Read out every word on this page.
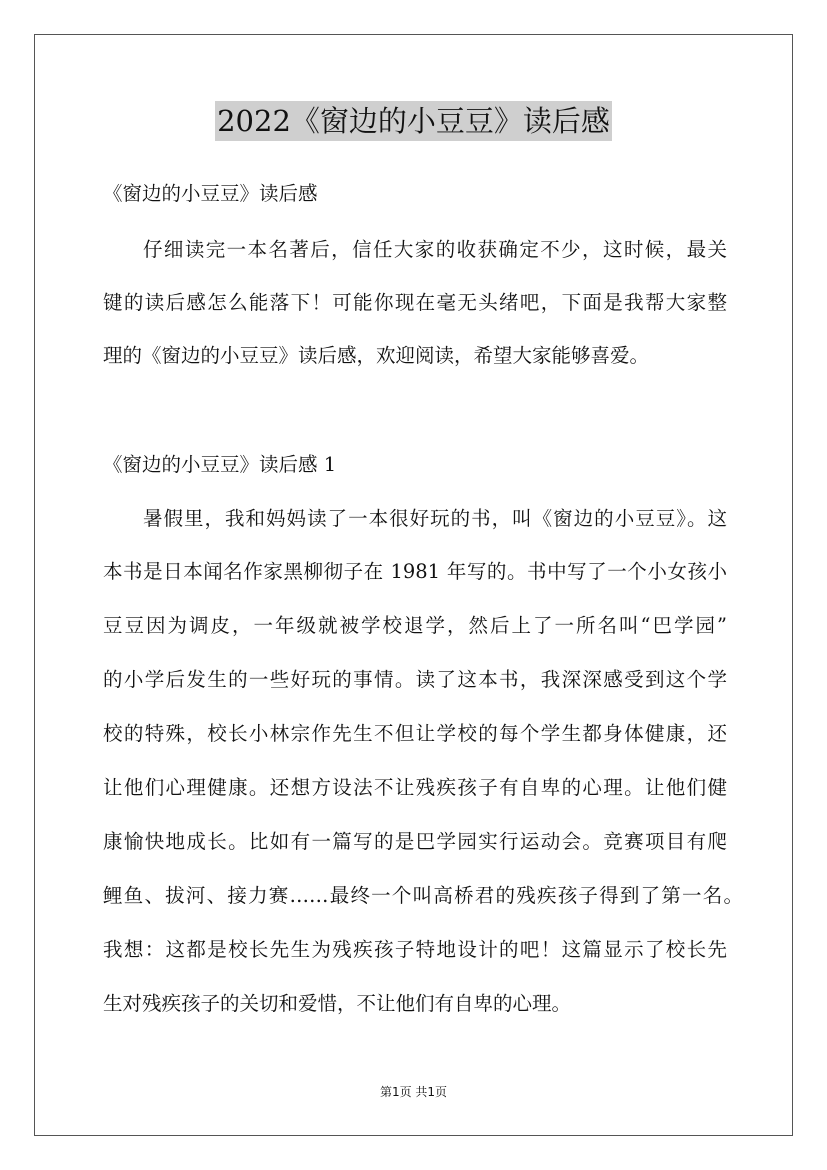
2022《窗边的小豆豆》读后感
《窗边的小豆豆》读后感
仔细读完一本名著后，信任大家的收获确定不少，这时候，最关
键的读后感怎么能落下！可能你现在毫无头绪吧，下面是我帮大家整
理的《窗边的小豆豆》读后感，欢迎阅读，希望大家能够喜爱。
《窗边的小豆豆》读后感 1
暑假里，我和妈妈读了一本很好玩的书，叫《窗边的小豆豆》。这
本书是日本闻名作家黑柳彻子在 1981 年写的。书中写了一个小女孩小
豆豆因为调皮，一年级就被学校退学，然后上了一所名叫“巴学园”
的小学后发生的一些好玩的事情。读了这本书，我深深感受到这个学
校的特殊，校长小林宗作先生不但让学校的每个学生都身体健康，还
让他们心理健康。还想方设法不让残疾孩子有自卑的心理。让他们健
康愉快地成长。比如有一篇写的是巴学园实行运动会。竞赛项目有爬
鲤鱼、拔河、接力赛……最终一个叫高桥君的残疾孩子得到了第一名。
我想：这都是校长先生为残疾孩子特地设计的吧！这篇显示了校长先
生对残疾孩子的关切和爱惜，不让他们有自卑的心理。
第1页 共1页
